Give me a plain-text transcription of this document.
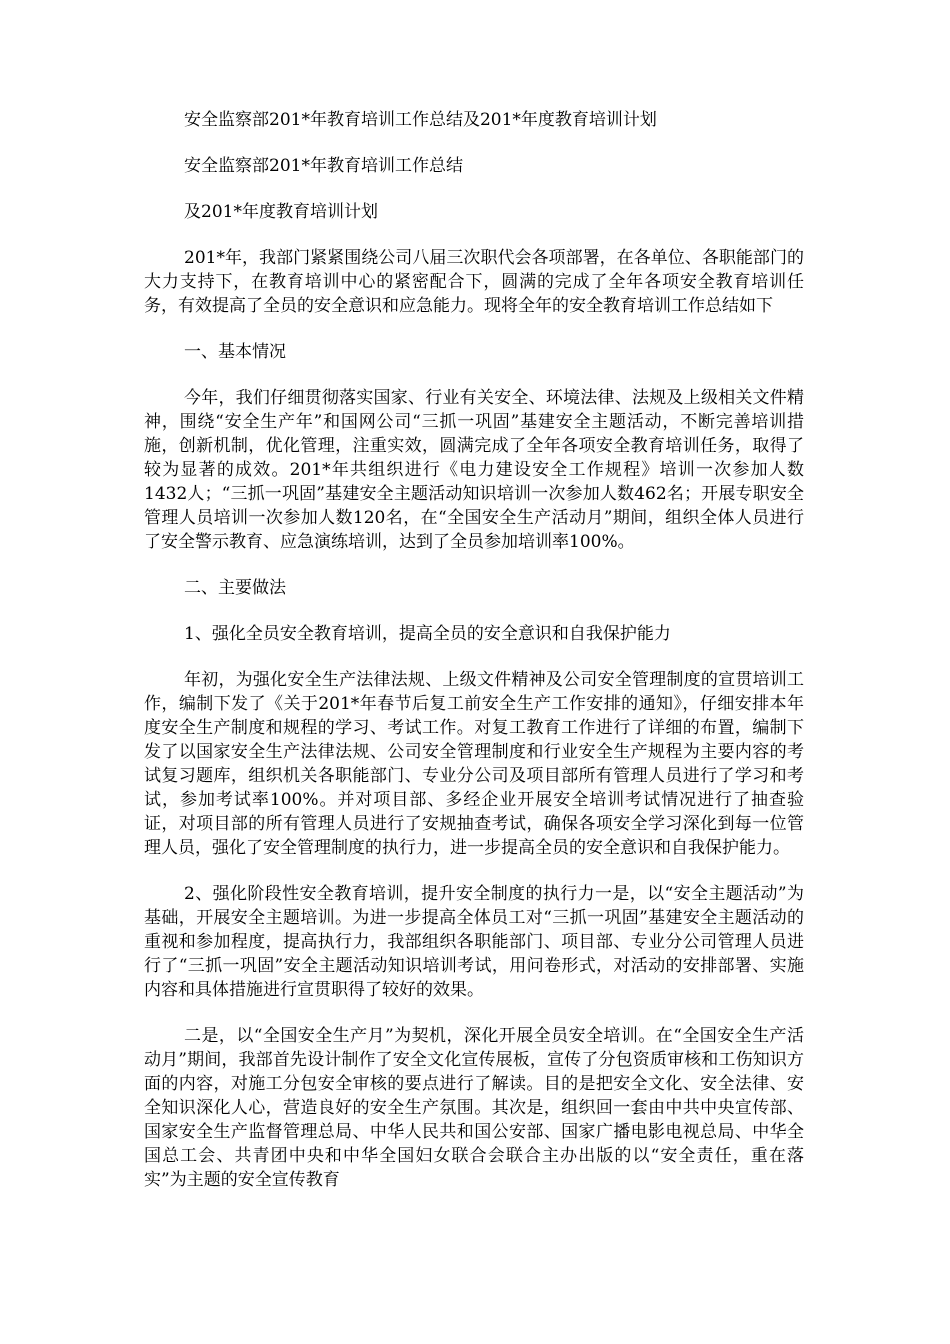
安全监察部201*年教育培训工作总结及201*年度教育培训计划

安全监察部201*年教育培训工作总结

及201*年度教育培训计划

201*年，我部门紧紧围绕公司八届三次职代会各项部署，在各单位、各职能部门的大力支持下，在教育培训中心的紧密配合下，圆满的完成了全年各项安全教育培训任务，有效提高了全员的安全意识和应急能力。现将全年的安全教育培训工作总结如下

一、基本情况

今年，我们仔细贯彻落实国家、行业有关安全、环境法律、法规及上级相关文件精神，围绕“安全生产年”和国网公司“三抓一巩固”基建安全主题活动，不断完善培训措施，创新机制，优化管理，注重实效，圆满完成了全年各项安全教育培训任务，取得了较为显著的成效。201*年共组织进行《电力建设安全工作规程》培训一次参加人数1432人；“三抓一巩固”基建安全主题活动知识培训一次参加人数462名；开展专职安全管理人员培训一次参加人数120名，在“全国安全生产活动月”期间，组织全体人员进行了安全警示教育、应急演练培训，达到了全员参加培训率100%。

二、主要做法

1、强化全员安全教育培训，提高全员的安全意识和自我保护能力

年初，为强化安全生产法律法规、上级文件精神及公司安全管理制度的宣贯培训工作，编制下发了《关于201*年春节后复工前安全生产工作安排的通知》，仔细安排本年度安全生产制度和规程的学习、考试工作。对复工教育工作进行了详细的布置，编制下发了以国家安全生产法律法规、公司安全管理制度和行业安全生产规程为主要内容的考试复习题库，组织机关各职能部门、专业分公司及项目部所有管理人员进行了学习和考试，参加考试率100%。并对项目部、多经企业开展安全培训考试情况进行了抽查验证，对项目部的所有管理人员进行了安规抽查考试，确保各项安全学习深化到每一位管理人员，强化了安全管理制度的执行力，进一步提高全员的安全意识和自我保护能力。

2、强化阶段性安全教育培训，提升安全制度的执行力一是，以“安全主题活动”为基础，开展安全主题培训。为进一步提高全体员工对“三抓一巩固”基建安全主题活动的重视和参加程度，提高执行力，我部组织各职能部门、项目部、专业分公司管理人员进行了“三抓一巩固”安全主题活动知识培训考试，用问卷形式，对活动的安排部署、实施内容和具体措施进行宣贯职得了较好的效果。

二是，以“全国安全生产月”为契机，深化开展全员安全培训。在“全国安全生产活动月”期间，我部首先设计制作了安全文化宣传展板，宣传了分包资质审核和工伤知识方面的内容，对施工分包安全审核的要点进行了解读。目的是把安全文化、安全法律、安全知识深化人心，营造良好的安全生产氛围。其次是，组织回一套由中共中央宣传部、国家安全生产监督管理总局、中华人民共和国公安部、国家广播电影电视总局、中华全国总工会、共青团中央和中华全国妇女联合会联合主办出版的以“安全责任，重在落实”为主题的安全宣传教育
